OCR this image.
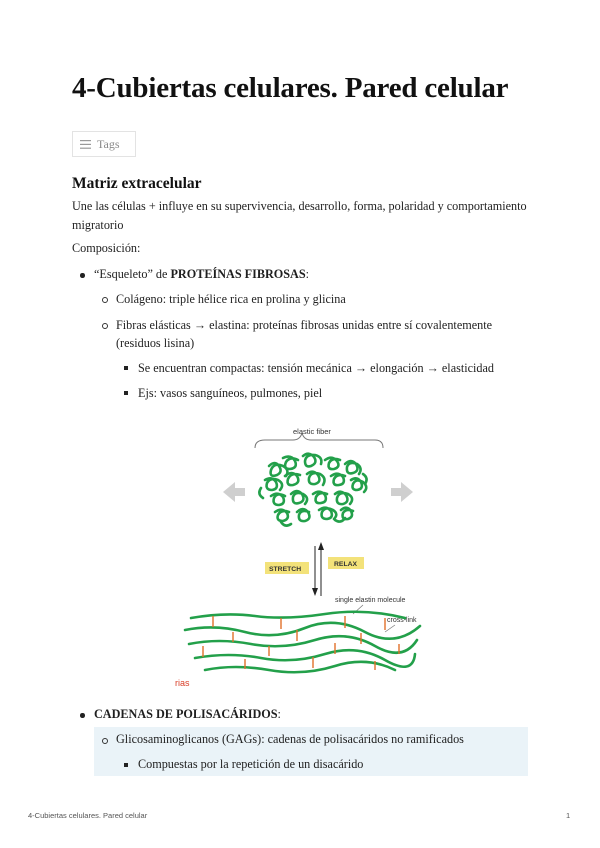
4-Cubiertas celulares. Pared celular
Tags
Matriz extracelular

Une las células + influye en su supervivencia, desarrollo, forma, polaridad y comportamiento
migratorio

Composición:

“Esqueleto” de PROTEÍNAS FIBROSAS:
Colágeno: triple hélice rica en prolina y glicina
Fibras elásticas → elastina: proteínas fibrosas unidas entre sí covalentemente
(residuos lisina)
Se encuentran compactas: tensión mecánica → elongación → elasticidad
Ejs: vasos sanguíneos, pulmones, piel
elastic fiber
STRETCH
RELAX
single elastin molecule
cross-link
rias
CADENAS DE POLISACÁRIDOS:
Glicosaminoglicanos (GAGs): cadenas de polisacáridos no ramificados
Compuestas por la repetición de un disacárido
4-Cubiertas celulares. Pared celular	1
